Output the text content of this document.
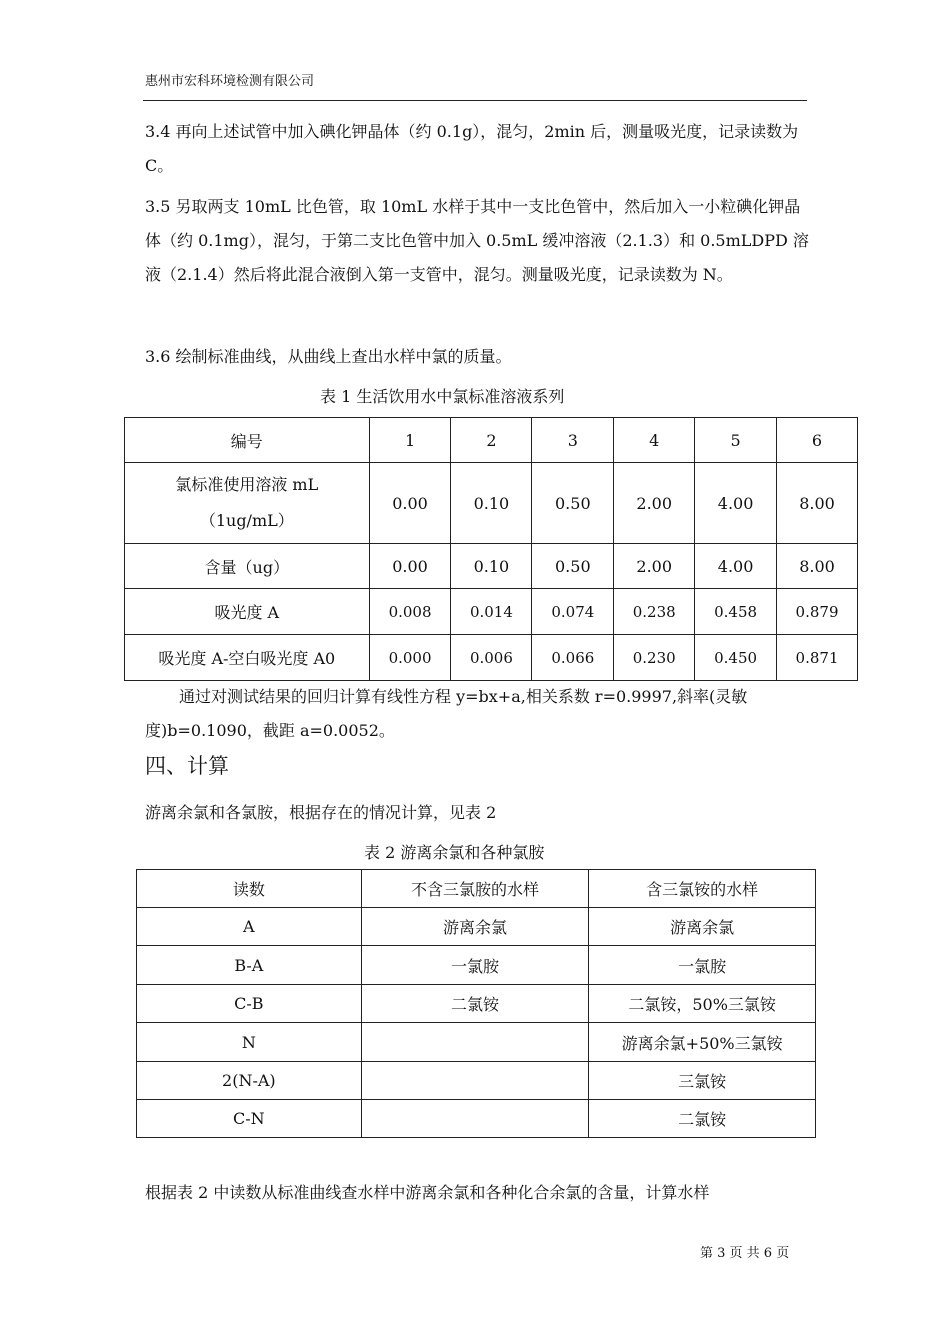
惠州市宏科环境检测有限公司
3.4 再向上述试管中加入碘化钾晶体（约 0.1g），混匀，2min 后，测量吸光度，记录读数为 C。
3.5 另取两支 10mL 比色管，取 10mL 水样于其中一支比色管中，然后加入一小粒碘化钾晶体（约 0.1mg），混匀，于第二支比色管中加入 0.5mL 缓冲溶液（2.1.3）和 0.5mLDPD 溶液（2.1.4）然后将此混合液倒入第一支管中，混匀。测量吸光度，记录读数为 N。
3.6 绘制标准曲线，从曲线上查出水样中氯的质量。
表 1 生活饮用水中氯标准溶液系列
编号	1	2	3	4	5	6
氯标准使用溶液 mL
（1ug/mL）	0.00	0.10	0.50	2.00	4.00	8.00
含量（ug）	0.00	0.10	0.50	2.00	4.00	8.00
吸光度 A	0.008	0.014	0.074	0.238	0.458	0.879
吸光度 A-空白吸光度 A0	0.000	0.006	0.066	0.230	0.450	0.871
通过对测试结果的回归计算有线性方程 y=bx+a,相关系数 r=0.9997,斜率(灵敏度)b=0.1090，截距 a=0.0052。
四、计算
游离余氯和各氯胺，根据存在的情况计算，见表 2
表 2 游离余氯和各种氯胺
读数	不含三氯胺的水样	含三氯铵的水样
A	游离余氯	游离余氯
B-A	一氯胺	一氯胺
C-B	二氯铵	二氯铵，50%三氯铵
N		游离余氯+50%三氯铵
2(N-A)		三氯铵
C-N		二氯铵
根据表 2 中读数从标准曲线查水样中游离余氯和各种化合余氯的含量，计算水样
第 3 页 共 6 页
